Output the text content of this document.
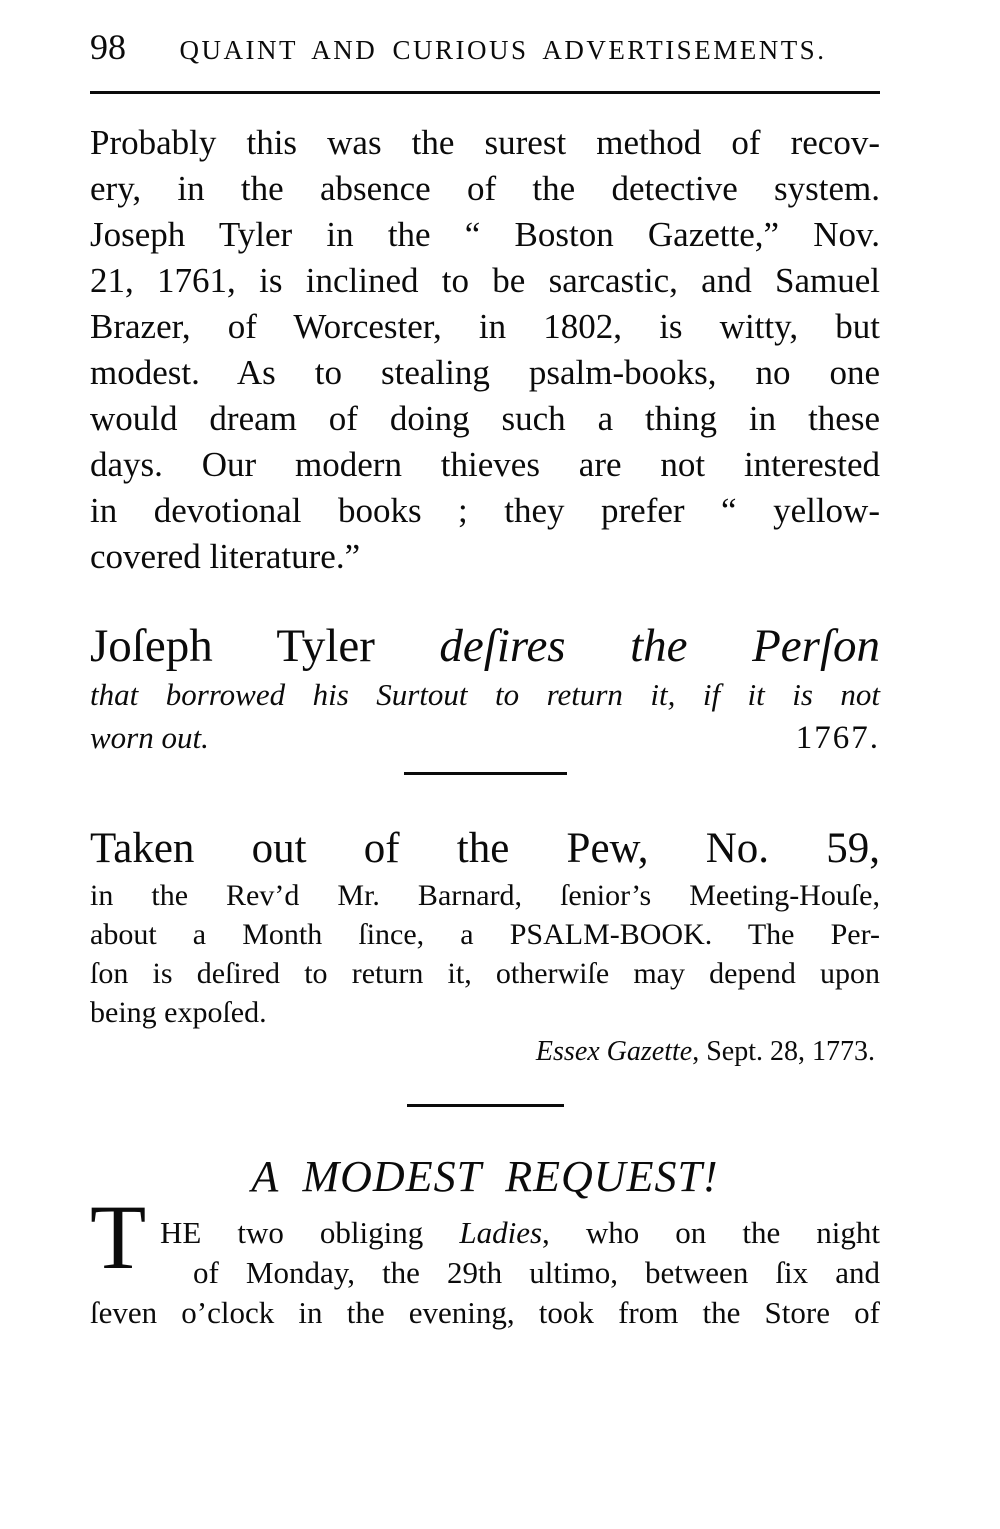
98	QUAINT AND CURIOUS ADVERTISEMENTS.
Probably this was the surest method of recov-
ery, in the absence of the detective system.
Joseph Tyler in the “ Boston Gazette,” Nov.
21, 1761, is inclined to be sarcastic, and Samuel
Brazer, of Worcester, in 1802, is witty, but
modest. As to stealing psalm-books, no one
would dream of doing such a thing in these
days. Our modern thieves are not interested
in devotional books ; they prefer “ yellow-
covered literature.”
Joſeph Tyler deſires the Perſon
that borrowed his Surtout to return it, if it is not
worn out.	1767.
Taken out of the Pew, No. 59,
in the Rev’d Mr. Barnard, ſenior’s Meeting-Houſe,
about a Month ſince, a PSALM-BOOK. The Per-
ſon is deſired to return it, otherwiſe may depend upon
being expoſed.
Essex Gazette, Sept. 28, 1773.
A MODEST REQUEST!
T HE two obliging Ladies, who on the night
of Monday, the 29th ultimo, between ſix and
ſeven o’clock in the evening, took from the Store of
